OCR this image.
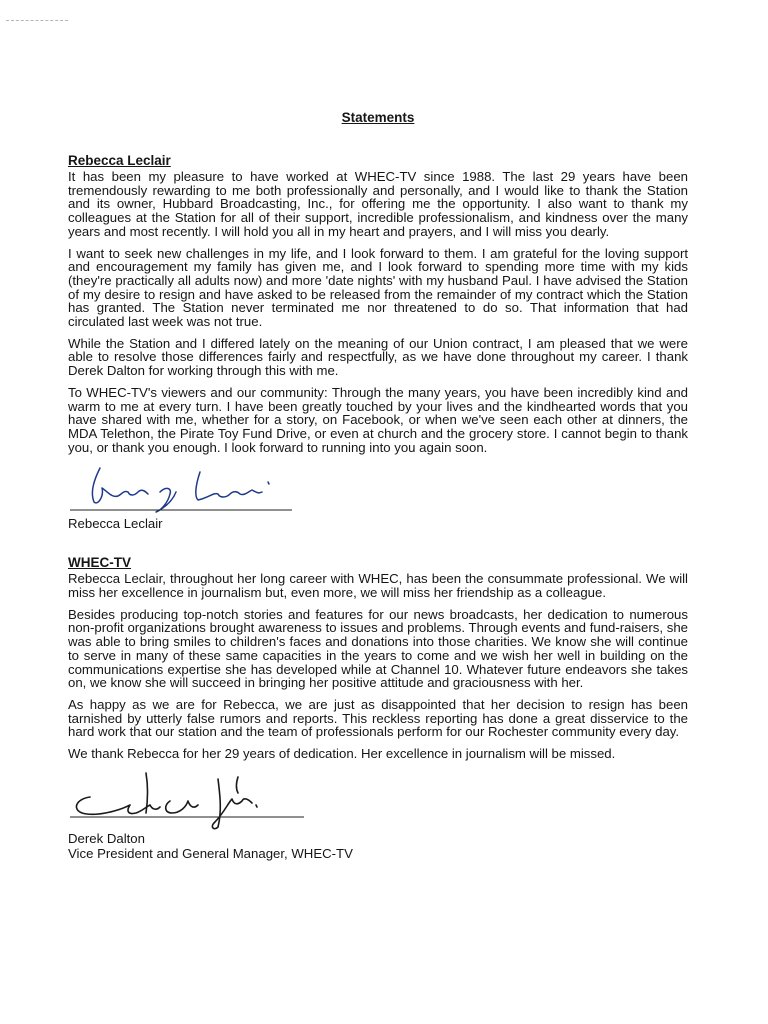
Statements
Rebecca Leclair

It has been my pleasure to have worked at WHEC-TV since 1988. The last 29 years have been tremendously rewarding to me both professionally and personally, and I would like to thank the Station and its owner, Hubbard Broadcasting, Inc., for offering me the opportunity. I also want to thank my colleagues at the Station for all of their support, incredible professionalism, and kindness over the many years and most recently. I will hold you all in my heart and prayers, and I will miss you dearly.

I want to seek new challenges in my life, and I look forward to them. I am grateful for the loving support and encouragement my family has given me, and I look forward to spending more time with my kids (they're practically all adults now) and more 'date nights' with my husband Paul. I have advised the Station of my desire to resign and have asked to be released from the remainder of my contract which the Station has granted. The Station never terminated me nor threatened to do so. That information that had circulated last week was not true.

While the Station and I differed lately on the meaning of our Union contract, I am pleased that we were able to resolve those differences fairly and respectfully, as we have done throughout my career. I thank Derek Dalton for working through this with me.

To WHEC-TV's viewers and our community: Through the many years, you have been incredibly kind and warm to me at every turn. I have been greatly touched by your lives and the kindhearted words that you have shared with me, whether for a story, on Facebook, or when we've seen each other at dinners, the MDA Telethon, the Pirate Toy Fund Drive, or even at church and the grocery store. I cannot begin to thank you, or thank you enough. I look forward to running into you again soon.

Rebecca Leclair

WHEC-TV

Rebecca Leclair, throughout her long career with WHEC, has been the consummate professional. We will miss her excellence in journalism but, even more, we will miss her friendship as a colleague.

Besides producing top-notch stories and features for our news broadcasts, her dedication to numerous non-profit organizations brought awareness to issues and problems. Through events and fund-raisers, she was able to bring smiles to children's faces and donations into those charities. We know she will continue to serve in many of these same capacities in the years to come and we wish her well in building on the communications expertise she has developed while at Channel 10. Whatever future endeavors she takes on, we know she will succeed in bringing her positive attitude and graciousness with her.

As happy as we are for Rebecca, we are just as disappointed that her decision to resign has been tarnished by utterly false rumors and reports. This reckless reporting has done a great disservice to the hard work that our station and the team of professionals perform for our Rochester community every day.

We thank Rebecca for her 29 years of dedication. Her excellence in journalism will be missed.

Derek Dalton

Vice President and General Manager, WHEC-TV
